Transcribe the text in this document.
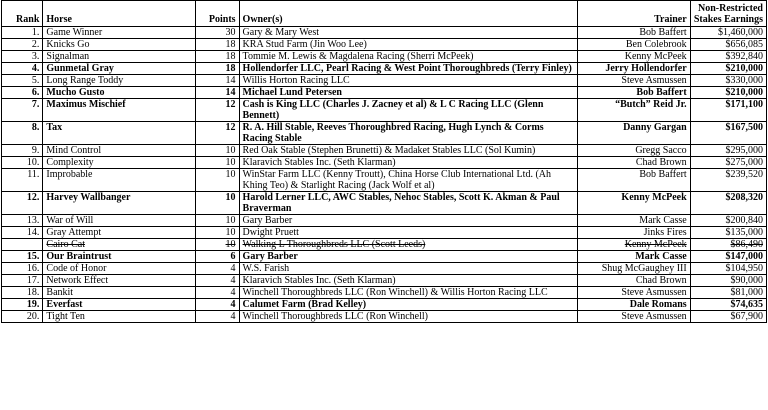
Rank	Horse	Points	Owner(s)	Trainer	Non-Restricted
Stakes Earnings

1.	Game Winner	30	Gary & Mary West	Bob Baffert	$1,460,000
2.	Knicks Go	18	KRA Stud Farm (Jin Woo Lee)	Ben Colebrook	$656,085
3.	Signalman	18	Tommie M. Lewis & Magdalena Racing (Sherri McPeek)	Kenny McPeek	$392,840
4.	Gunmetal Gray	18	Hollendorfer LLC, Pearl Racing & West Point Thoroughbreds (Terry Finley)	Jerry Hollendorfer	$210,000
5.	Long Range Toddy	14	Willis Horton Racing LLC	Steve Asmussen	$330,000
6.	Mucho Gusto	14	Michael Lund Petersen	Bob Baffert	$210,000
7.	Maximus Mischief	12	Cash is King LLC (Charles J. Zacney et al) & L C Racing LLC (Glenn Bennett)	“Butch” Reid Jr.	$171,100
8.	Tax	12	R. A. Hill Stable, Reeves Thoroughbred Racing, Hugh Lynch & Corms Racing Stable	Danny Gargan	$167,500
9.	Mind Control	10	Red Oak Stable (Stephen Brunetti) & Madaket Stables LLC (Sol Kumin)	Gregg Sacco	$295,000
10.	Complexity	10	Klaravich Stables Inc. (Seth Klarman)	Chad Brown	$275,000
11.	Improbable	10	WinStar Farm LLC (Kenny Troutt), China Horse Club International Ltd. (Ah Khing Teo) & Starlight Racing (Jack Wolf et al)	Bob Baffert	$239,520
12.	Harvey Wallbanger	10	Harold Lerner LLC, AWC Stables, Nehoc Stables, Scott K. Akman & Paul Braverman	Kenny McPeek	$208,320
13.	War of Will	10	Gary Barber	Mark Casse	$200,840
14.	Gray Attempt	10	Dwight Pruett	Jinks Fires	$135,000
	Cairo Cat	10	Walking L Thoroughbreds LLC (Scott Leeds)	Kenny McPeek	$86,490
15.	Our Braintrust	6	Gary Barber	Mark Casse	$147,000
16.	Code of Honor	4	W.S. Farish	Shug McGaughey III	$104,950
17.	Network Effect	4	Klaravich Stables Inc. (Seth Klarman)	Chad Brown	$90,000
18.	Bankit	4	Winchell Thoroughbreds LLC (Ron Winchell) & Willis Horton Racing LLC	Steve Asmussen	$81,000
19.	Everfast	4	Calumet Farm (Brad Kelley)	Dale Romans	$74,635
20.	Tight Ten	4	Winchell Thoroughbreds LLC (Ron Winchell)	Steve Asmussen	$67,900
